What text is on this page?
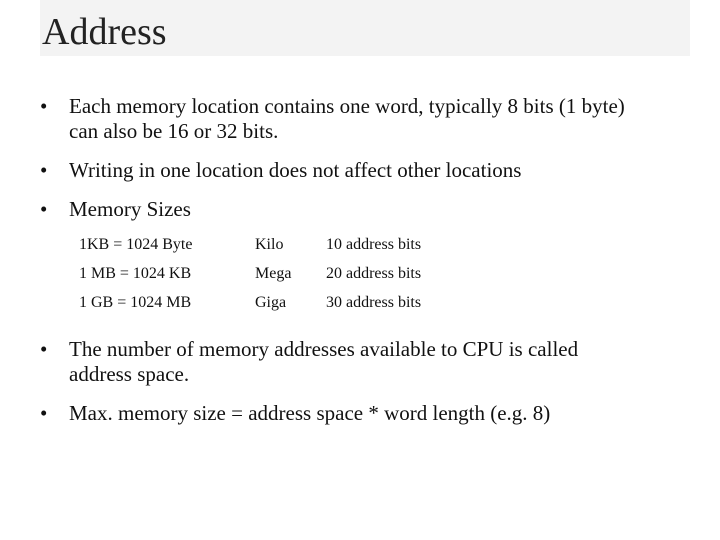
Address
• Each memory location contains one word, typically 8 bits (1 byte)
can also be 16 or 32 bits.
• Writing in one location does not affect other locations
• Memory Sizes
1KB = 1024 Byte	Kilo	10 address bits
1 MB = 1024 KB	Mega	20 address bits
1 GB = 1024 MB	Giga	30 address bits
• The number of memory addresses available to CPU is called
address space.
• Max. memory size = address space * word length (e.g. 8)
